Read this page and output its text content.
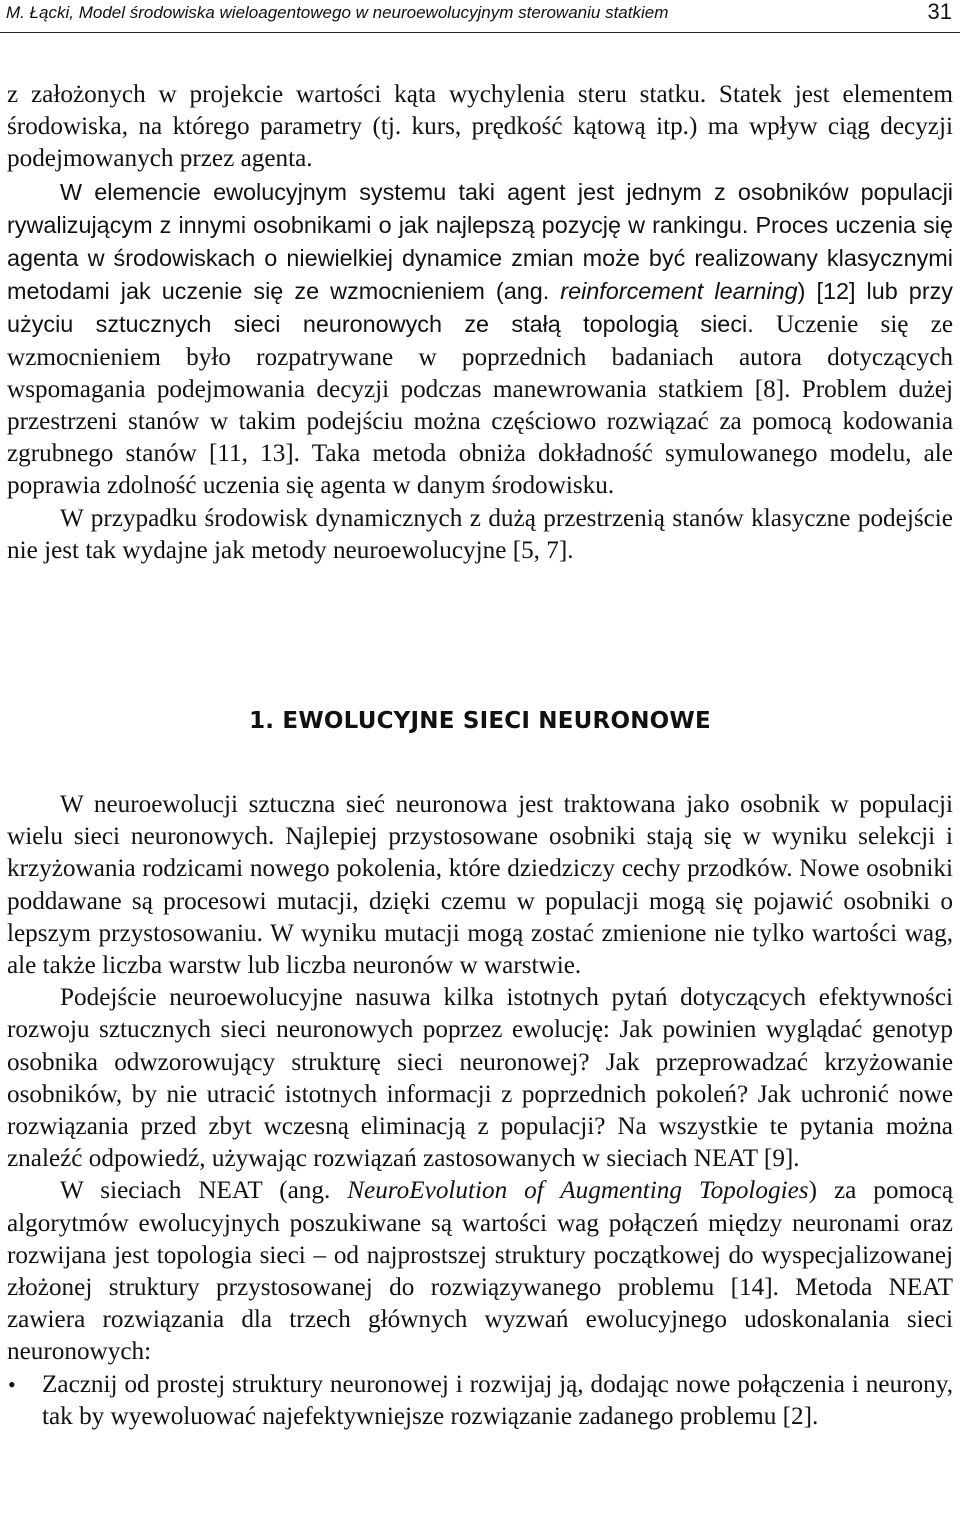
M. Łącki, Model środowiska wieloagentowego w neuroewolucyjnym sterowaniu statkiem	31

z założonych w projekcie wartości kąta wychylenia steru statku. Statek jest elementem środowiska, na którego parametry (tj. kurs, prędkość kątową itp.) ma wpływ ciąg decyzji podejmowanych przez agenta.

W elemencie ewolucyjnym systemu taki agent jest jednym z osobników populacji rywalizującym z innymi osobnikami o jak najlepszą pozycję w rankingu. Proces uczenia się agenta w środowiskach o niewielkiej dynamice zmian może być realizowany klasycznymi metodami jak uczenie się ze wzmocnieniem (ang. reinforcement learning) [12] lub przy użyciu sztucznych sieci neuronowych ze stałą topologią sieci. Uczenie się ze wzmocnieniem było rozpatrywane w poprzednich badaniach autora dotyczących wspomagania podejmowania decyzji podczas manewrowania statkiem [8]. Problem dużej przestrzeni stanów w takim podejściu można częściowo rozwiązać za pomocą kodowania zgrubnego stanów [11, 13]. Taka metoda obniża dokładność symulowanego modelu, ale poprawia zdolność uczenia się agenta w danym środowisku.

W przypadku środowisk dynamicznych z dużą przestrzenią stanów klasyczne podejście nie jest tak wydajne jak metody neuroewolucyjne [5, 7].

1. EWOLUCYJNE SIECI NEURONOWE

W neuroewolucji sztuczna sieć neuronowa jest traktowana jako osobnik w populacji wielu sieci neuronowych. Najlepiej przystosowane osobniki stają się w wyniku selekcji i krzyżowania rodzicami nowego pokolenia, które dziedziczy cechy przodków. Nowe osobniki poddawane są procesowi mutacji, dzięki czemu w populacji mogą się pojawić osobniki o lepszym przystosowaniu. W wyniku mutacji mogą zostać zmienione nie tylko wartości wag, ale także liczba warstw lub liczba neuronów w warstwie.

Podejście neuroewolucyjne nasuwa kilka istotnych pytań dotyczących efektywności rozwoju sztucznych sieci neuronowych poprzez ewolucję: Jak powinien wyglądać genotyp osobnika odwzorowujący strukturę sieci neuronowej? Jak przeprowadzać krzyżowanie osobników, by nie utracić istotnych informacji z poprzednich pokoleń? Jak uchronić nowe rozwiązania przed zbyt wczesną eliminacją z populacji? Na wszystkie te pytania można znaleźć odpowiedź, używając rozwiązań zastosowanych w sieciach NEAT [9].

W sieciach NEAT (ang. NeuroEvolution of Augmenting Topologies) za pomocą algorytmów ewolucyjnych poszukiwane są wartości wag połączeń między neuronami oraz rozwijana jest topologia sieci – od najprostszej struktury początkowej do wyspecjalizowanej złożonej struktury przystosowanej do rozwiązywanego problemu [14]. Metoda NEAT zawiera rozwiązania dla trzech głównych wyzwań ewolucyjnego udoskonalania sieci neuronowych:

• Zacznij od prostej struktury neuronowej i rozwijaj ją, dodając nowe połączenia i neurony, tak by wyewoluować najefektywniejsze rozwiązanie zadanego problemu [2].
